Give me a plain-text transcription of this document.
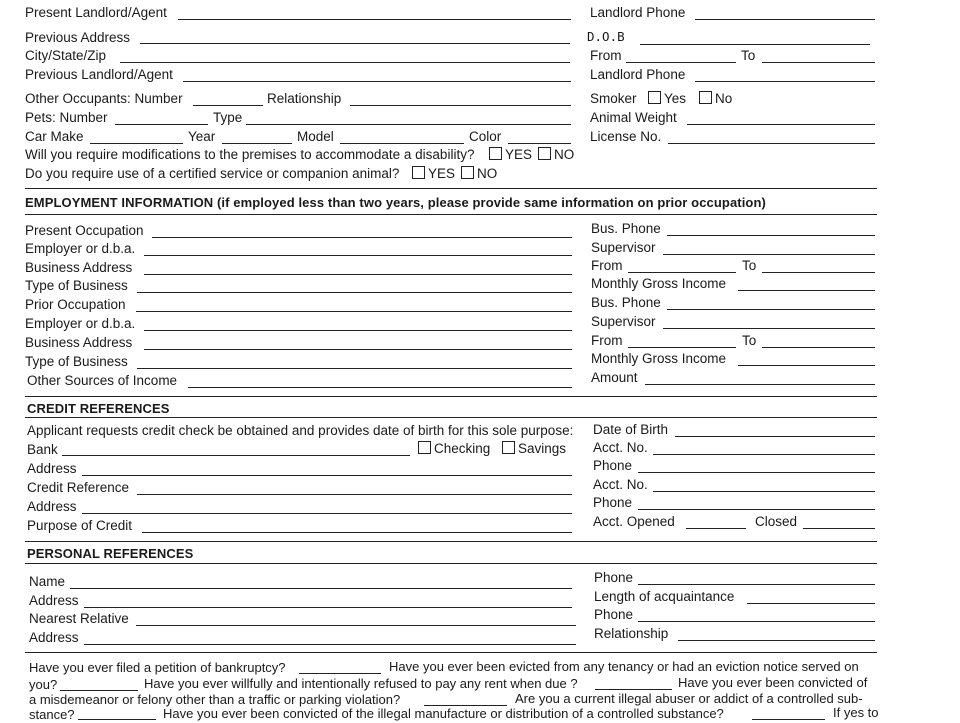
Present Landlord/Agent	Landlord Phone
Previous Address	D.O.B
City/State/Zip	From	To
Previous Landlord/Agent	Landlord Phone
Other Occupants: Number	Relationship	Smoker Yes No
Pets: Number	Type	Animal Weight
Car Make	Year	Model	Color	License No.
Will you require modifications to the premises to accommodate a disability? YES NO
Do you require use of a certified service or companion animal? YES NO
EMPLOYMENT INFORMATION (if employed less than two years, please provide same information on prior occupation)
Present Occupation	Bus. Phone
Employer or d.b.a.	Supervisor
Business Address	From	To
Type of Business	Monthly Gross Income
Prior Occupation	Bus. Phone
Employer or d.b.a.	Supervisor
Business Address	From	To
Type of Business	Monthly Gross Income
Other Sources of Income	Amount
CREDIT REFERENCES
Applicant requests credit check be obtained and provides date of birth for this sole purpose: Date of Birth
Bank	Checking Savings Acct. No.
Address	Phone
Credit Reference	Acct. No.
Address	Phone
Purpose of Credit	Acct. Opened	Closed
PERSONAL REFERENCES
Name	Phone
Address	Length of acquaintance
Nearest Relative	Phone
Address	Relationship
Have you ever filed a petition of bankruptcy?	Have you ever been evicted from any tenancy or had an eviction notice served on
you?	Have you ever willfully and intentionally refused to pay any rent when due ?	Have you ever been convicted of
a misdemeanor or felony other than a traffic or parking violation?	Are you a current illegal abuser or addict of a controlled sub-
stance?	Have you ever been convicted of the illegal manufacture or distribution of a controlled substance?	If yes to
